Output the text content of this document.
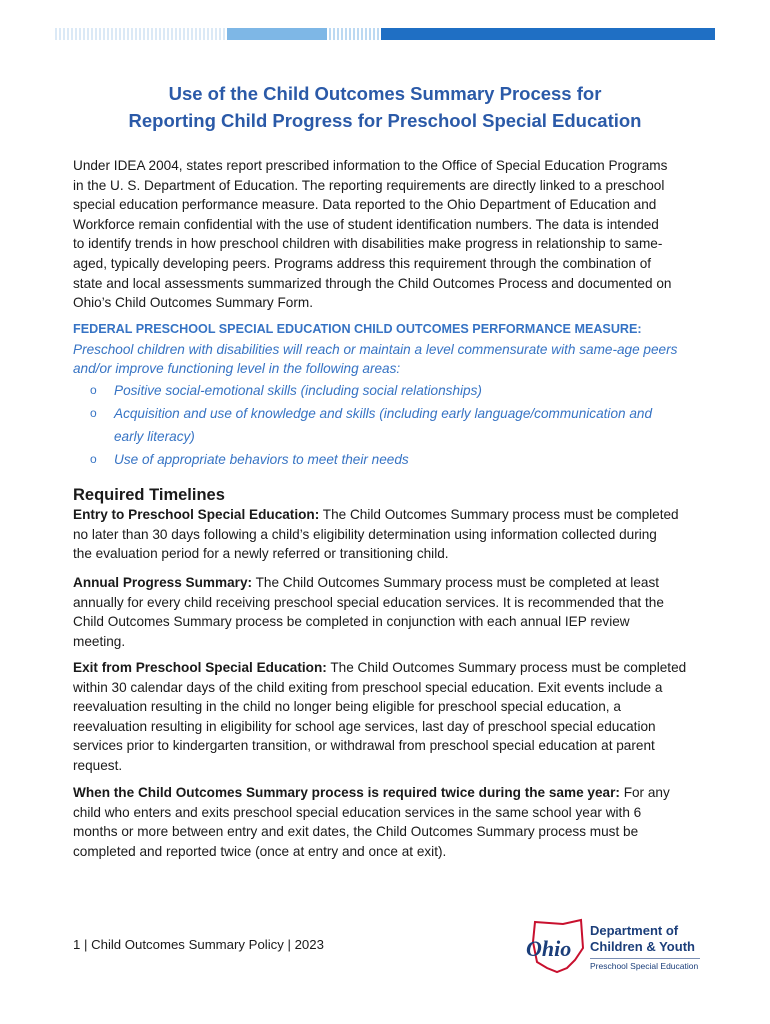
Use of the Child Outcomes Summary Process for
Reporting Child Progress for Preschool Special Education
Under IDEA 2004, states report prescribed information to the Office of Special Education Programs
in the U. S. Department of Education. The reporting requirements are directly linked to a preschool
special education performance measure. Data reported to the Ohio Department of Education and
Workforce remain confidential with the use of student identification numbers. The data is intended
to identify trends in how preschool children with disabilities make progress in relationship to same-
aged, typically developing peers. Programs address this requirement through the combination of
state and local assessments summarized through the Child Outcomes Process and documented on
Ohio’s Child Outcomes Summary Form.
FEDERAL PRESCHOOL SPECIAL EDUCATION CHILD OUTCOMES PERFORMANCE MEASURE:
Preschool children with disabilities will reach or maintain a level commensurate with same-age peers
and/or improve functioning level in the following areas:
o Positive social-emotional skills (including social relationships)
o Acquisition and use of knowledge and skills (including early language/communication and
early literacy)
o Use of appropriate behaviors to meet their needs
Required Timelines
Entry to Preschool Special Education: The Child Outcomes Summary process must be completed
no later than 30 days following a child’s eligibility determination using information collected during
the evaluation period for a newly referred or transitioning child.
Annual Progress Summary: The Child Outcomes Summary process must be completed at least
annually for every child receiving preschool special education services. It is recommended that the
Child Outcomes Summary process be completed in conjunction with each annual IEP review
meeting.
Exit from Preschool Special Education: The Child Outcomes Summary process must be completed
within 30 calendar days of the child exiting from preschool special education. Exit events include a
reevaluation resulting in the child no longer being eligible for preschool special education, a
reevaluation resulting in eligibility for school age services, last day of preschool special education
services prior to kindergarten transition, or withdrawal from preschool special education at parent
request.
When the Child Outcomes Summary process is required twice during the same year: For any
child who enters and exits preschool special education services in the same school year with 6
months or more between entry and exit dates, the Child Outcomes Summary process must be
completed and reported twice (once at entry and once at exit).
1 | Child Outcomes Summary Policy | 2023	Ohio
Department of
Children & Youth
Preschool Special Education
